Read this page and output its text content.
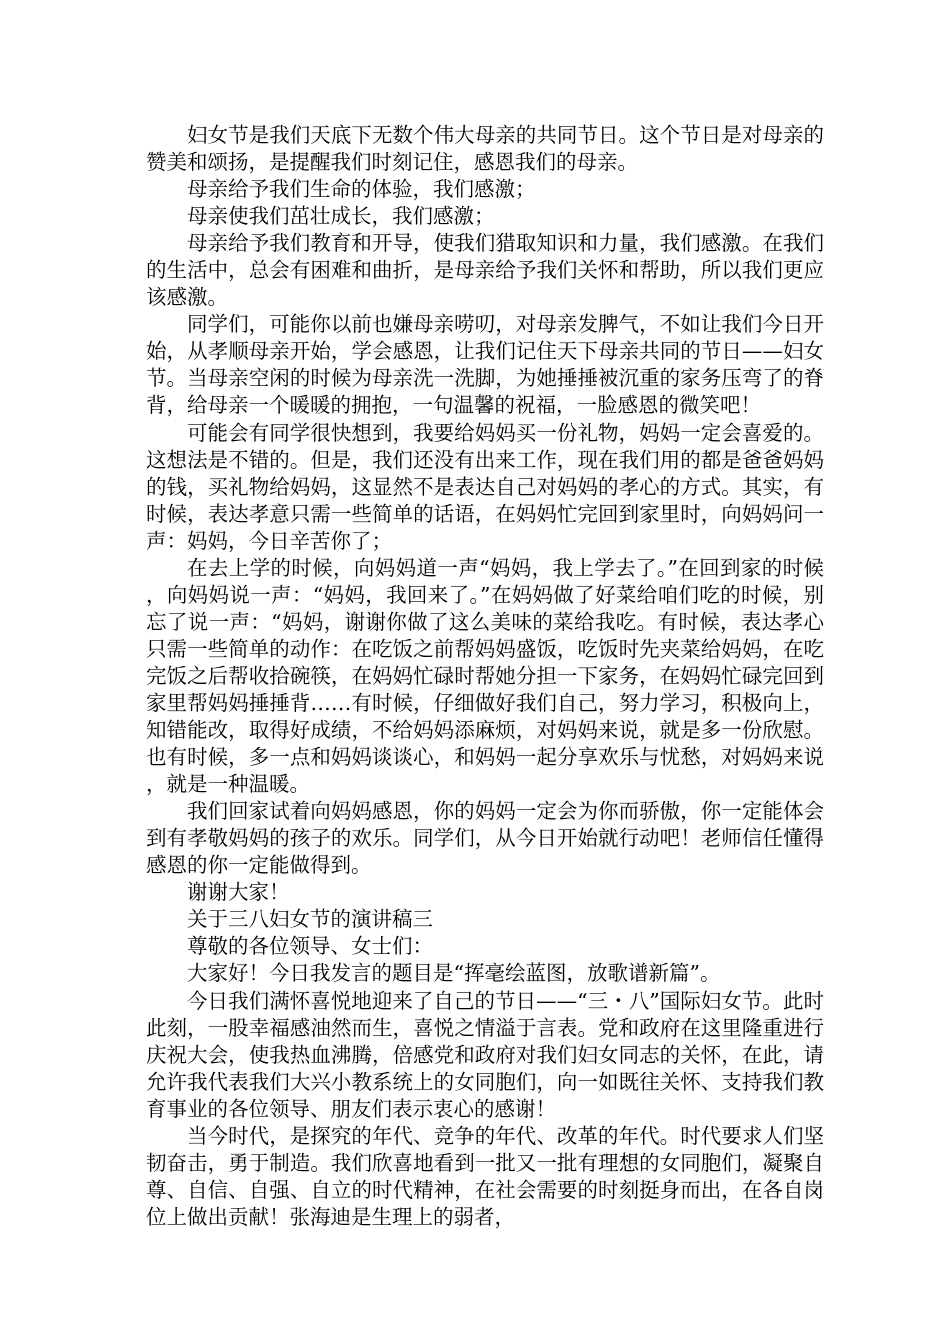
妇女节是我们天底下无数个伟大母亲的共同节日。这个节日是对母亲的赞美和颂扬，是提醒我们时刻记住，感恩我们的母亲。

母亲给予我们生命的体验，我们感激；

母亲使我们茁壮成长，我们感激；

母亲给予我们教育和开导，使我们猎取知识和力量，我们感激。在我们的生活中，总会有困难和曲折，是母亲给予我们关怀和帮助，所以我们更应该感激。

同学们，可能你以前也嫌母亲唠叨，对母亲发脾气，不如让我们今日开始，从孝顺母亲开始，学会感恩，让我们记住天下母亲共同的节日——妇女节。当母亲空闲的时候为母亲洗一洗脚，为她捶捶被沉重的家务压弯了的脊背，给母亲一个暖暖的拥抱，一句温馨的祝福，一脸感恩的微笑吧！

可能会有同学很快想到，我要给妈妈买一份礼物，妈妈一定会喜爱的。这想法是不错的。但是，我们还没有出来工作，现在我们用的都是爸爸妈妈的钱，买礼物给妈妈，这显然不是表达自己对妈妈的孝心的方式。其实，有时候，表达孝意只需一些简单的话语，在妈妈忙完回到家里时，向妈妈问一声：妈妈，今日辛苦你了；

在去上学的时候，向妈妈道一声“妈妈，我上学去了。”在回到家的时候，向妈妈说一声：“妈妈，我回来了。”在妈妈做了好菜给咱们吃的时候，别忘了说一声：“妈妈，谢谢你做了这么美味的菜给我吃。有时候，表达孝心只需一些简单的动作：在吃饭之前帮妈妈盛饭，吃饭时先夹菜给妈妈，在吃完饭之后帮收拾碗筷，在妈妈忙碌时帮她分担一下家务，在妈妈忙碌完回到家里帮妈妈捶捶背……有时候，仔细做好我们自己，努力学习，积极向上，知错能改，取得好成绩，不给妈妈添麻烦，对妈妈来说，就是多一份欣慰。也有时候，多一点和妈妈谈谈心，和妈妈一起分享欢乐与忧愁，对妈妈来说，就是一种温暖。

我们回家试着向妈妈感恩，你的妈妈一定会为你而骄傲，你一定能体会到有孝敬妈妈的孩子的欢乐。同学们，从今日开始就行动吧！老师信任懂得感恩的你一定能做得到。

谢谢大家！

关于三八妇女节的演讲稿三

尊敬的各位领导、女士们：

大家好！今日我发言的题目是“挥毫绘蓝图，放歌谱新篇”。

今日我们满怀喜悦地迎来了自己的节日——“三・八”国际妇女节。此时此刻，一股幸福感油然而生，喜悦之情溢于言表。党和政府在这里隆重进行庆祝大会，使我热血沸腾，倍感党和政府对我们妇女同志的关怀，在此，请允许我代表我们大兴小教系统上的女同胞们，向一如既往关怀、支持我们教育事业的各位领导、朋友们表示衷心的感谢！

当今时代，是探究的年代、竞争的年代、改革的年代。时代要求人们坚韧奋击，勇于制造。我们欣喜地看到一批又一批有理想的女同胞们，凝聚自尊、自信、自强、自立的时代精神，在社会需要的时刻挺身而出，在各自岗位上做出贡献！张海迪是生理上的弱者，
